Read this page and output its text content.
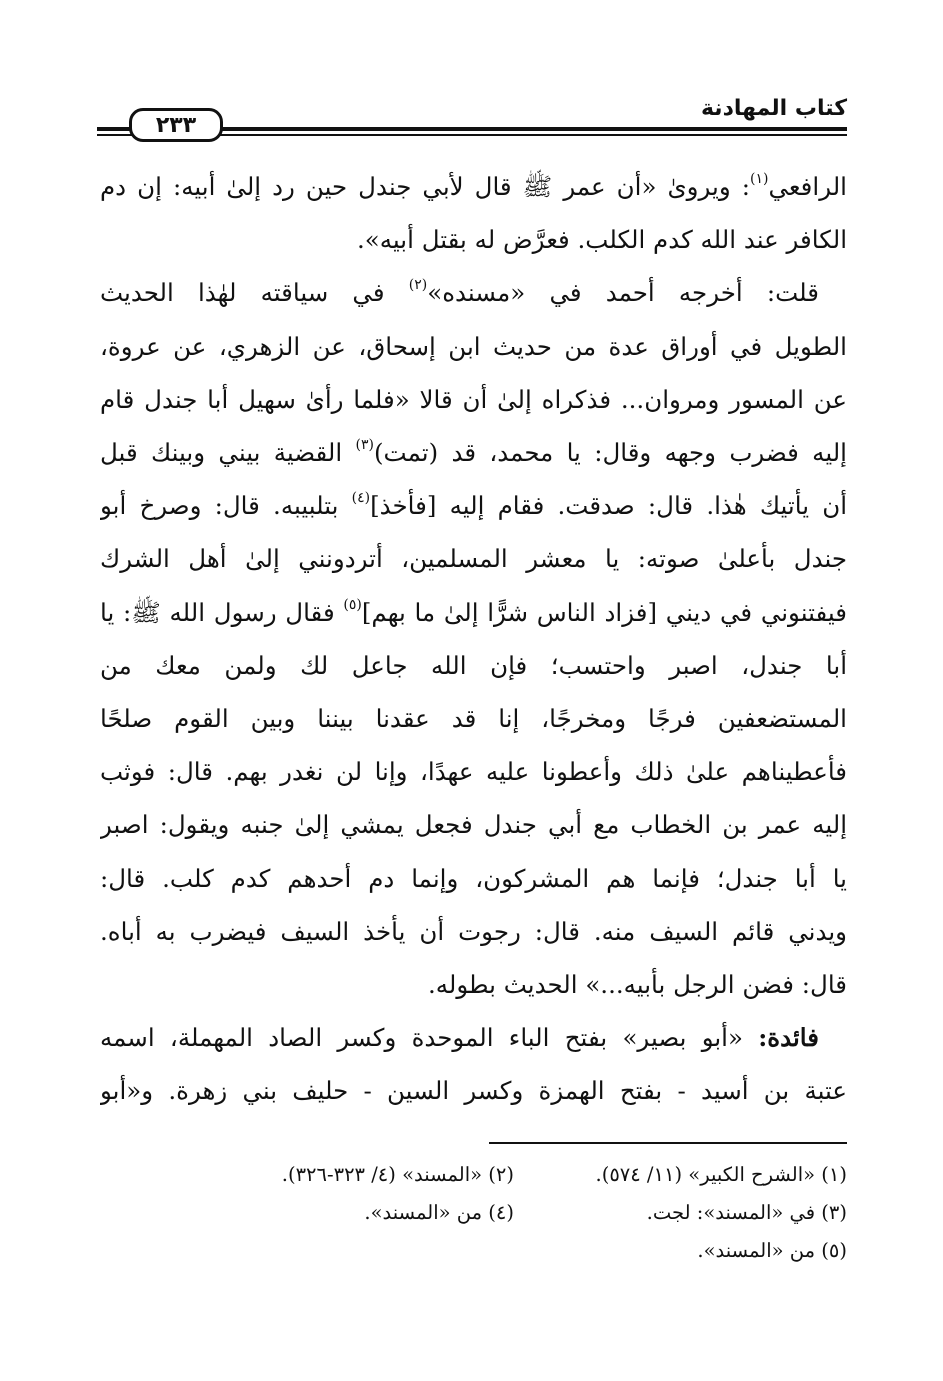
كتاب المهادنة
٢٣٣
الرافعي$^{(١)}$: ويروىٰ «أن عمر ﷺ قال لأبي جندل حين رد إلىٰ أبيه: إن دم
الكافر عند الله كدم الكلب. فعرَّض له بقتل أبيه».
قلت: أخرجه أحمد في «مسنده»$^{(٢)}$ في سياقته لهٰذا الحديث
الطويل في أوراق عدة من حديث ابن إسحاق، عن الزهري، عن عروة،
عن المسور ومروان... فذكراه إلىٰ أن قالا «فلما رأىٰ سهيل أبا جندل قام
إليه فضرب وجهه وقال: يا محمد، قد (تمت)$^{(٣)}$ القضية بيني وبينك قبل
أن يأتيك هٰذا. قال: صدقت. فقام إليه [فأخذ]$^{(٤)}$ بتلبيبه. قال: وصرخ أبو
جندل بأعلىٰ صوته: يا معشر المسلمين، أتردونني إلىٰ أهل الشرك
فيفتنوني في ديني [فزاد الناس شرًّا إلىٰ ما بهم]$^{(٥)}$ فقال رسول الله ﷺ: يا
أبا جندل، اصبر واحتسب؛ فإن الله جاعل لك ولمن معك من
المستضعفين فرجًا ومخرجًا، إنا قد عقدنا بيننا وبين القوم صلحًا
فأعطيناهم علىٰ ذلك وأعطونا عليه عهدًا، وإنا لن نغدر بهم. قال: فوثب
إليه عمر بن الخطاب مع أبي جندل فجعل يمشي إلىٰ جنبه ويقول: اصبر
يا أبا جندل؛ فإنما هم المشركون، وإنما دم أحدهم كدم كلب. قال:
ويدني قائم السيف منه. قال: رجوت أن يأخذ السيف فيضرب به أباه.
قال: فضن الرجل بأبيه...» الحديث بطوله.
فائدة: «أبو بصير» بفتح الباء الموحدة وكسر الصاد المهملة، اسمه
عتبة بن أسيد - بفتح الهمزة وكسر السين - حليف بني زهرة. و«أبو
(١) «الشرح الكبير» (١١/ ٥٧٤).
(٢) «المسند» (٤/ ٣٢٣-٣٢٦).
(٣) في «المسند»: لجت.
(٤) من «المسند».
(٥) من «المسند».
